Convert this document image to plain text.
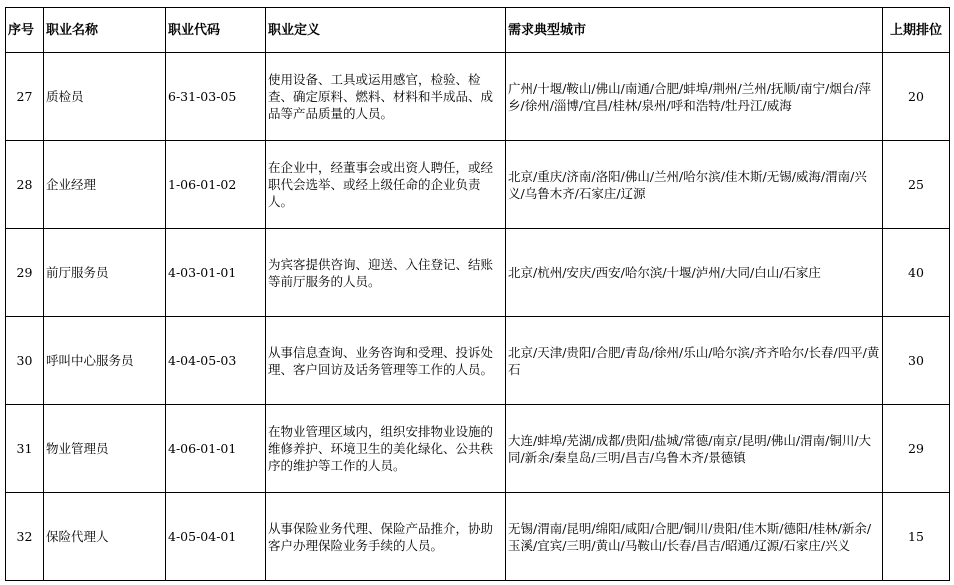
序号	职业名称	职业代码	职业定义	需求典型城市	上期排位
27	质检员	6-31-03-05	使用设备、工具或运用感官，检验、检查、确定原料、燃料、材料和半成品、成品等产品质量的人员。	广州/十堰/鞍山/佛山/南通/合肥/蚌埠/荆州/兰州/抚顺/南宁/烟台/萍乡/徐州/淄博/宜昌/桂林/泉州/呼和浩特/牡丹江/威海	20
28	企业经理	1-06-01-02	在企业中，经董事会或出资人聘任，或经职代会选举、或经上级任命的企业负责人。	北京/重庆/济南/洛阳/佛山/兰州/哈尔滨/佳木斯/无锡/威海/渭南/兴义/乌鲁木齐/石家庄/辽源	25
29	前厅服务员	4-03-01-01	为宾客提供咨询、迎送、入住登记、结账等前厅服务的人员。	北京/杭州/安庆/西安/哈尔滨/十堰/泸州/大同/白山/石家庄	40
30	呼叫中心服务员	4-04-05-03	从事信息查询、业务咨询和受理、投诉处理、客户回访及话务管理等工作的人员。	北京/天津/贵阳/合肥/青岛/徐州/乐山/哈尔滨/齐齐哈尔/长春/四平/黄石	30
31	物业管理员	4-06-01-01	在物业管理区域内，组织安排物业设施的维修养护、环境卫生的美化绿化、公共秩序的维护等工作的人员。	大连/蚌埠/芜湖/成都/贵阳/盐城/常德/南京/昆明/佛山/渭南/铜川/大同/新余/秦皇岛/三明/昌吉/乌鲁木齐/景德镇	29
32	保险代理人	4-05-04-01	从事保险业务代理、保险产品推介，协助客户办理保险业务手续的人员。	无锡/渭南/昆明/绵阳/咸阳/合肥/铜川/贵阳/佳木斯/德阳/桂林/新余/玉溪/宜宾/三明/黄山/马鞍山/长春/昌吉/昭通/辽源/石家庄/兴义	15
